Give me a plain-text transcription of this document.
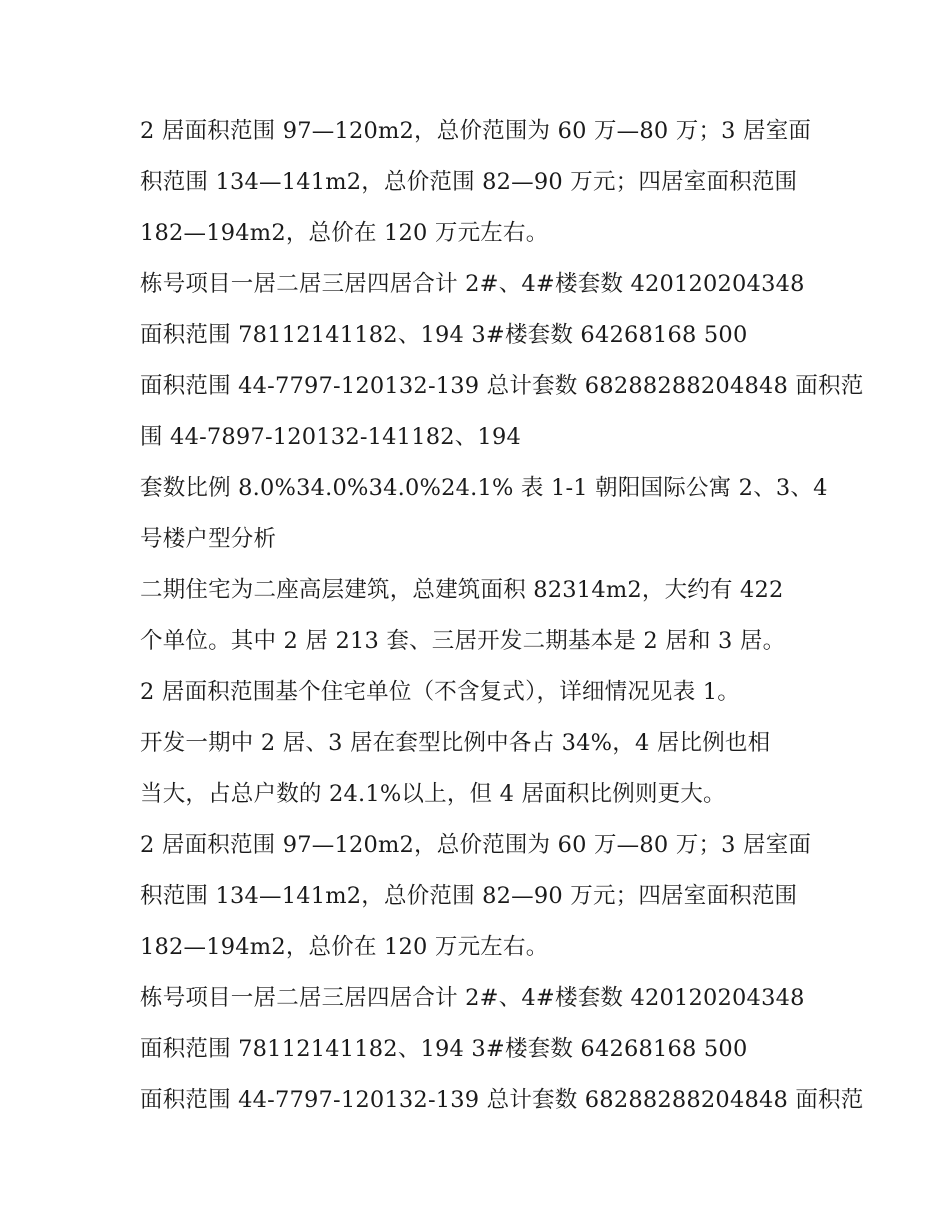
2 居面积范围 97—120m2，总价范围为 60 万—80 万；3 居室面
积范围 134—141m2，总价范围 82—90 万元；四居室面积范围
182—194m2，总价在 120 万元左右。
栋号项目一居二居三居四居合计 2#、4#楼套数 420120204348
面积范围 78112141182、194 3#楼套数 64268168 500
面积范围 44-7797-120132-139 总计套数 68288288204848 面积范
围 44-7897-120132-141182、194
套数比例 8.0%34.0%34.0%24.1% 表 1-1 朝阳国际公寓 2、3、4
号楼户型分析
二期住宅为二座高层建筑，总建筑面积 82314m2，大约有 422
个单位。其中 2 居 213 套、三居开发二期基本是 2 居和 3 居。
2 居面积范围基个住宅单位（不含复式），详细情况见表 1。
开发一期中 2 居、3 居在套型比例中各占 34%，4 居比例也相
当大，占总户数的 24.1%以上，但 4 居面积比例则更大。
2 居面积范围 97—120m2，总价范围为 60 万—80 万；3 居室面
积范围 134—141m2，总价范围 82—90 万元；四居室面积范围
182—194m2，总价在 120 万元左右。
栋号项目一居二居三居四居合计 2#、4#楼套数 420120204348
面积范围 78112141182、194 3#楼套数 64268168 500
面积范围 44-7797-120132-139 总计套数 68288288204848 面积范
